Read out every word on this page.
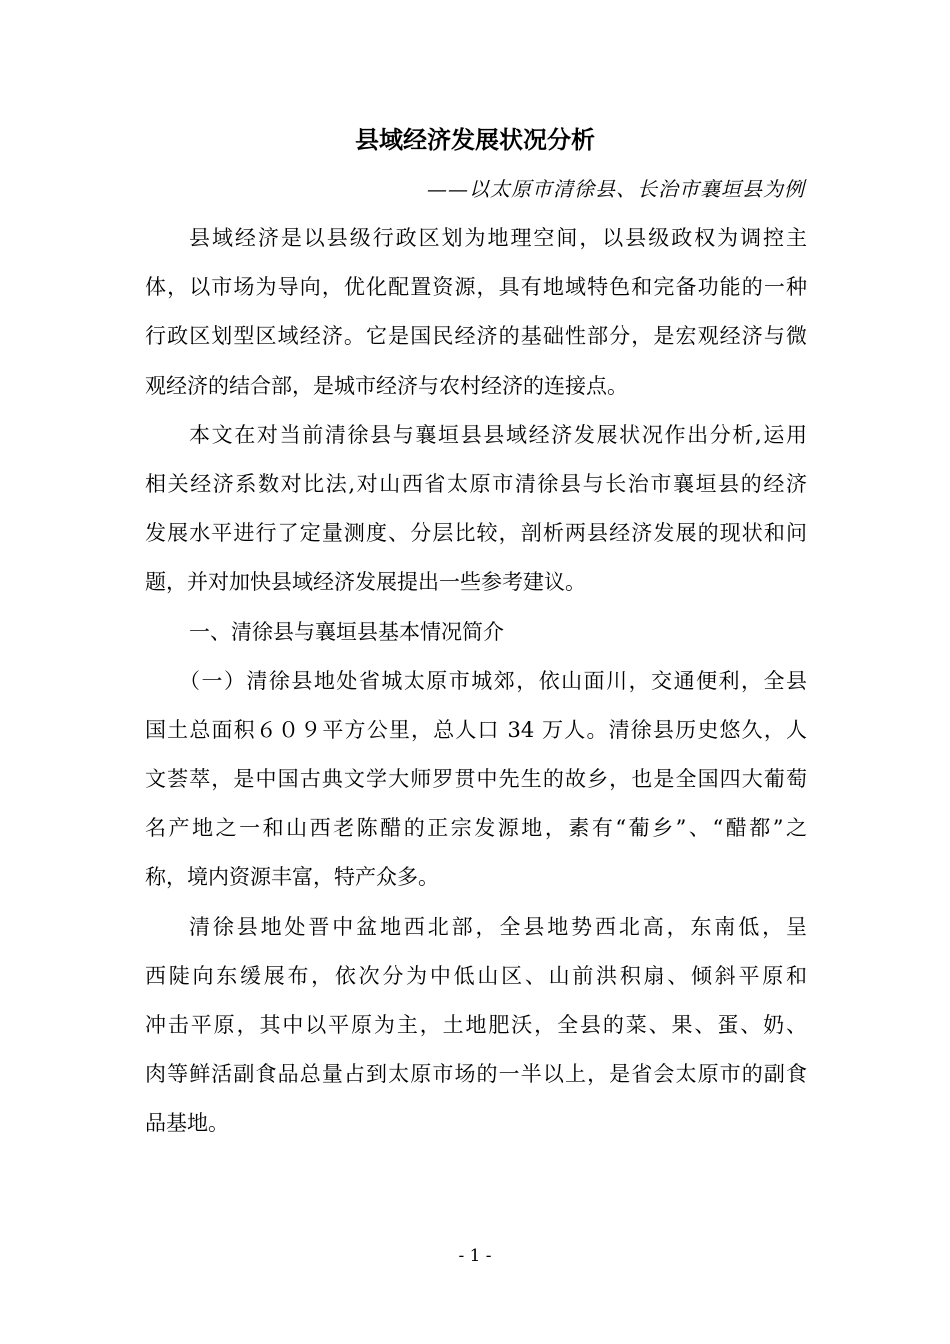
县域经济发展状况分析
——以太原市清徐县、长治市襄垣县为例
县域经济是以县级行政区划为地理空间，以县级政权为调控主
体，以市场为导向，优化配置资源，具有地域特色和完备功能的一种
行政区划型区域经济。它是国民经济的基础性部分，是宏观经济与微
观经济的结合部，是城市经济与农村经济的连接点。
本文在对当前清徐县与襄垣县县域经济发展状况作出分析,运用
相关经济系数对比法,对山西省太原市清徐县与长治市襄垣县的经济
发展水平进行了定量测度、分层比较，剖析两县经济发展的现状和问
题，并对加快县域经济发展提出一些参考建议。
一、清徐县与襄垣县基本情况简介
（一）清徐县地处省城太原市城郊，依山面川，交通便利，全县
国土总面积６０９平方公里，总人口 34 万人。清徐县历史悠久，人
文荟萃，是中国古典文学大师罗贯中先生的故乡，也是全国四大葡萄
名产地之一和山西老陈醋的正宗发源地，素有“葡乡”、“醋都”之
称，境内资源丰富，特产众多。
清徐县地处晋中盆地西北部，全县地势西北高，东南低，呈
西陡向东缓展布，依次分为中低山区、山前洪积扇、倾斜平原和
冲击平原，其中以平原为主，土地肥沃，全县的菜、果、蛋、奶、
肉等鲜活副食品总量占到太原市场的一半以上，是省会太原市的副食
品基地。
- 1 -
